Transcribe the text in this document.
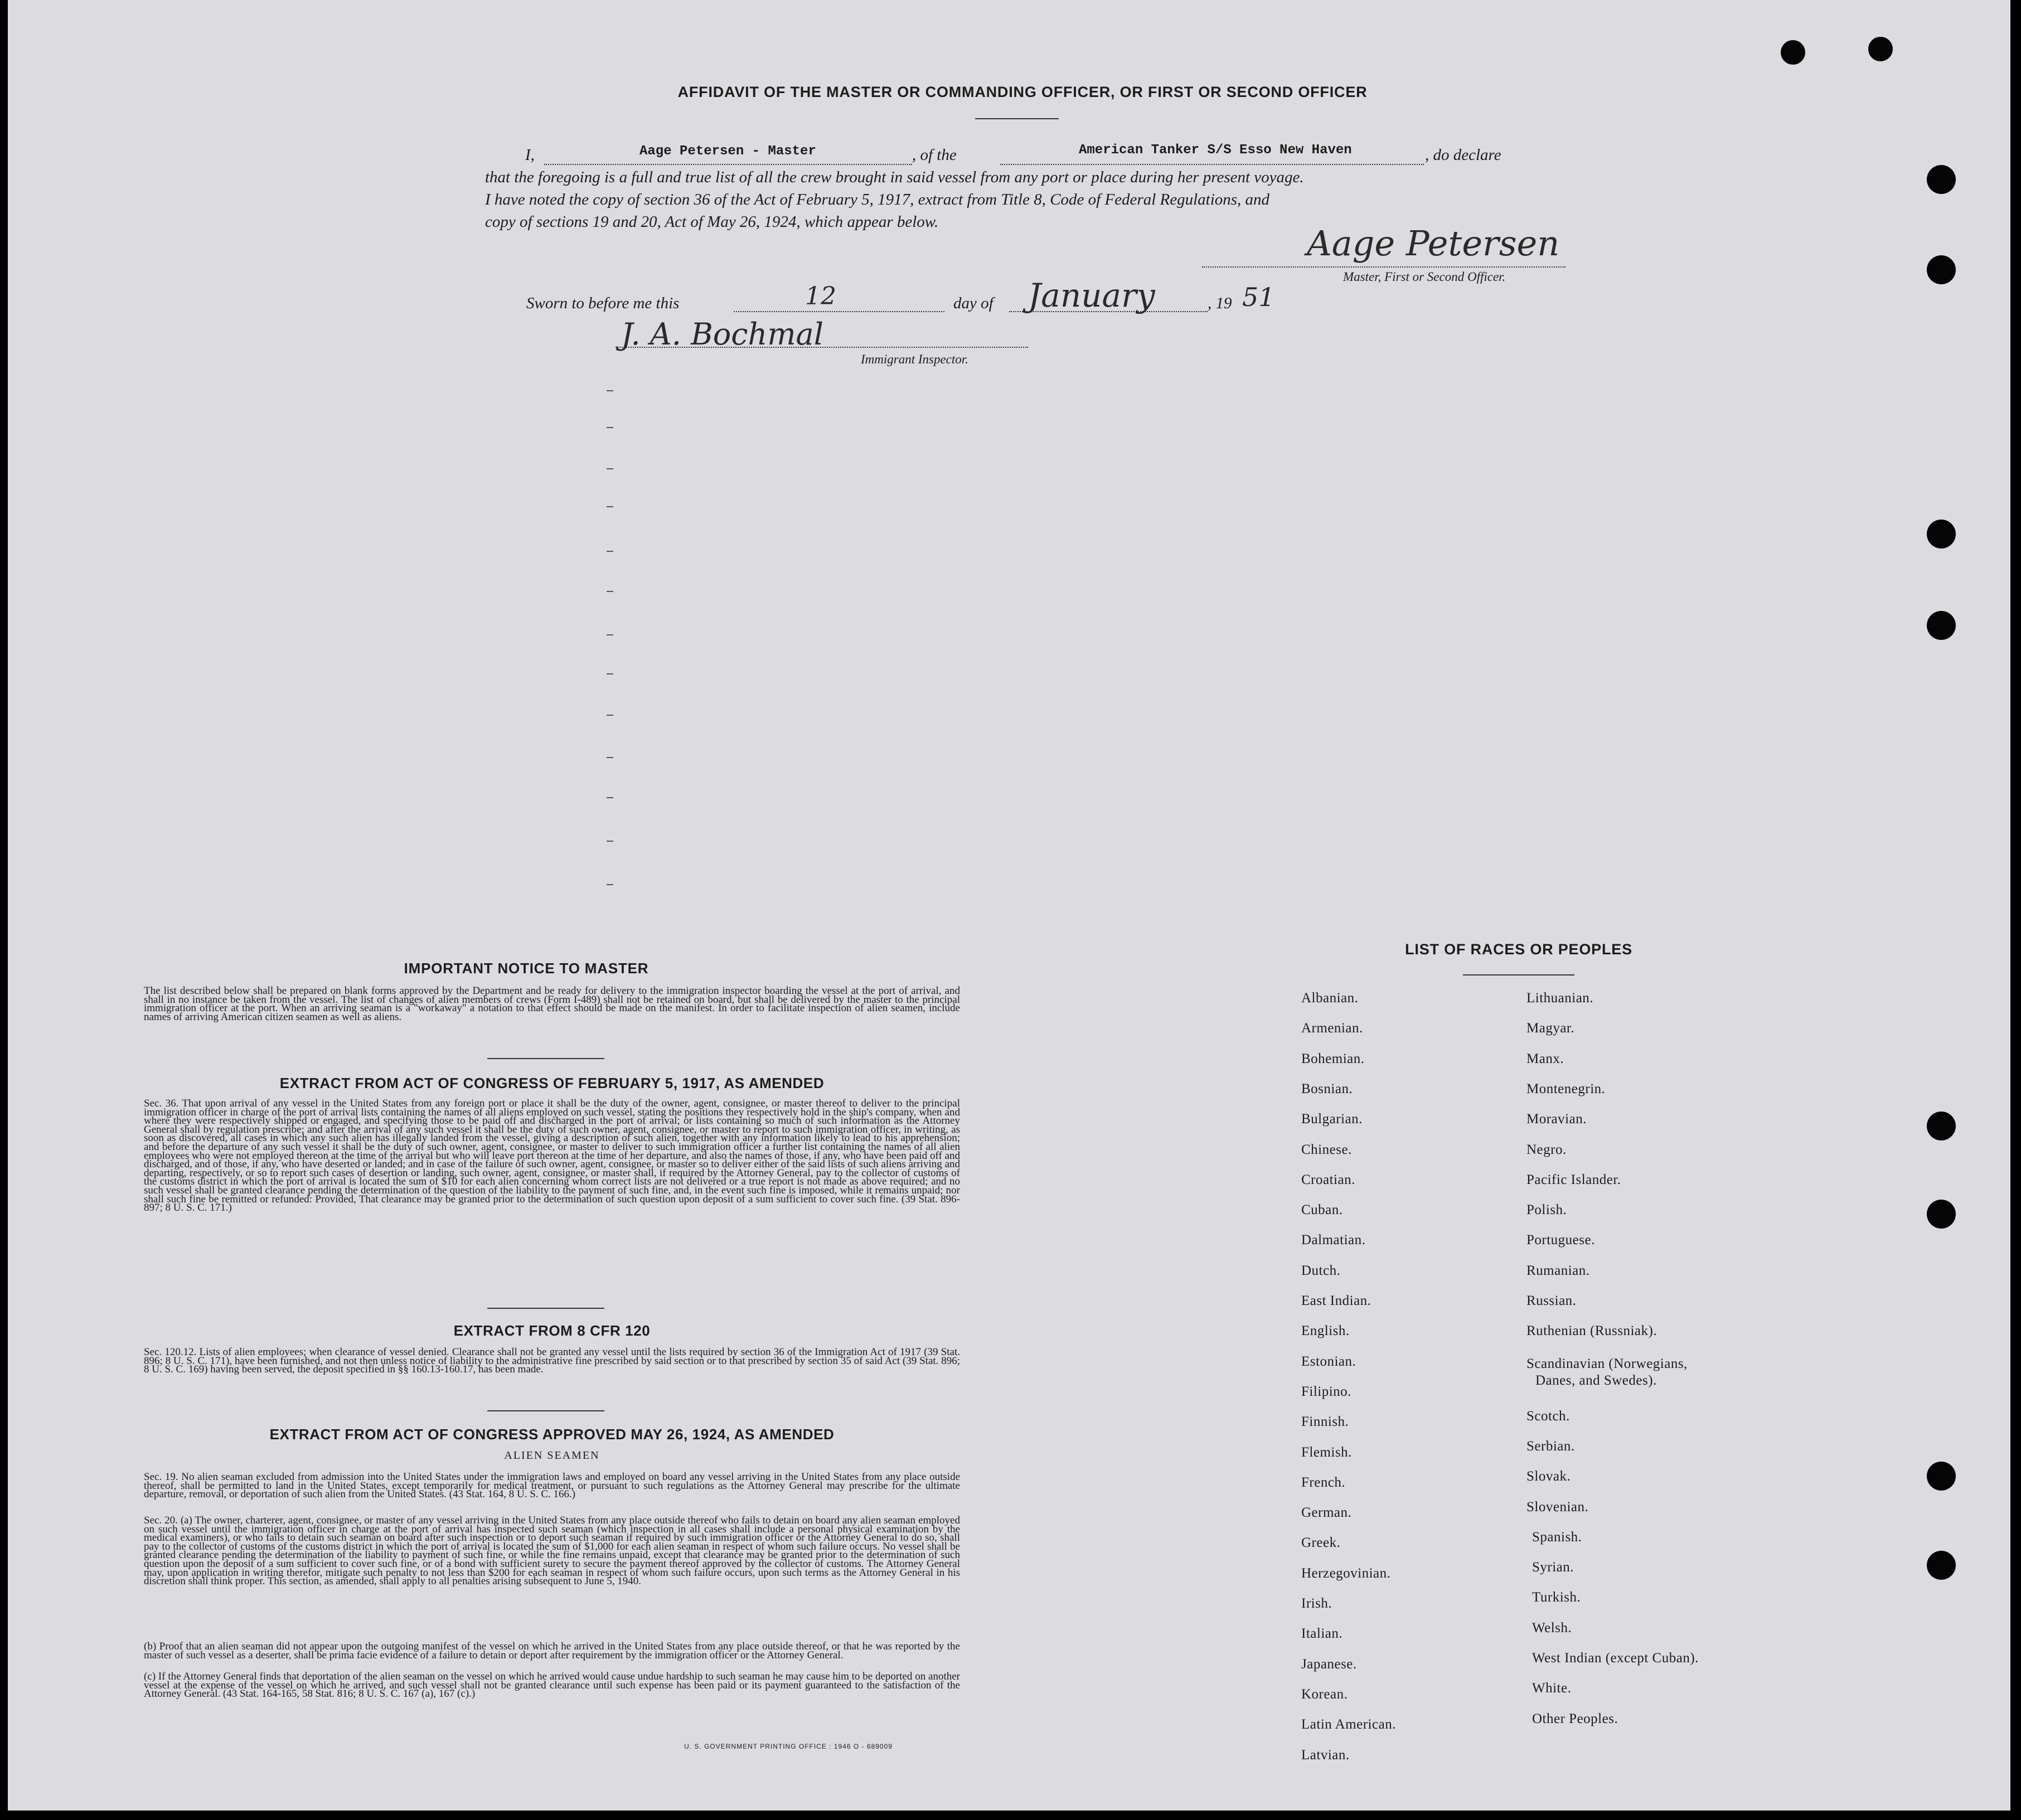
AFFIDAVIT OF THE MASTER OR COMMANDING OFFICER, OR FIRST OR SECOND OFFICER
I,	Aage Petersen - Master	, of the	American Tanker S/S Esso New Haven	, do declare
that the foregoing is a full and true list of all the crew brought in said vessel from any port or place during her present voyage.
I have noted the copy of section 36 of the Act of February 5, 1917, extract from Title 8, Code of Federal Regulations, and
copy of sections 19 and 20, Act of May 26, 1924, which appear below.
Aage Petersen
Master, First or Second Officer.
Sworn to before me this	12	day of January	, 19 51
J. A. Bochmal
Immigrant Inspector.
IMPORTANT NOTICE TO MASTER
The list described below shall be prepared on blank forms approved by the Department and be ready for delivery to the immigration inspector boarding the vessel at the port of arrival, and shall in no instance be taken from the vessel. The list of changes of alien members of crews (Form I-489) shall not be retained on board, but shall be delivered by the master to the principal immigration officer at the port. When an arriving seaman is a "workaway" a notation to that effect should be made on the manifest. In order to facilitate inspection of alien seamen, include names of arriving American citizen seamen as well as aliens.
EXTRACT FROM ACT OF CONGRESS OF FEBRUARY 5, 1917, AS AMENDED
Sec. 36. That upon arrival of any vessel in the United States from any foreign port or place it shall be the duty of the owner, agent, consignee, or master thereof to deliver to the principal immigration officer in charge of the port of arrival lists containing the names of all aliens employed on such vessel, stating the positions they respectively hold in the ship's company, when and where they were respectively shipped or engaged, and specifying those to be paid off and discharged in the port of arrival; or lists containing so much of such information as the Attorney General shall by regulation prescribe; and after the arrival of any such vessel it shall be the duty of such owner, agent, consignee, or master to report to such immigration officer, in writing, as soon as discovered, all cases in which any such alien has illegally landed from the vessel, giving a description of such alien, together with any information likely to lead to his apprehension; and before the departure of any such vessel it shall be the duty of such owner, agent, consignee, or master to deliver to such immigration officer a further list containing the names of all alien employees who were not employed thereon at the time of the arrival but who will leave port thereon at the time of her departure, and also the names of those, if any, who have been paid off and discharged, and of those, if any, who have deserted or landed; and in case of the failure of such owner, agent, consignee, or master so to deliver either of the said lists of such aliens arriving and departing, respectively, or so to report such cases of desertion or landing, such owner, agent, consignee, or master shall, if required by the Attorney General, pay to the collector of customs of the customs district in which the port of arrival is located the sum of $10 for each alien concerning whom correct lists are not delivered or a true report is not made as above required; and no such vessel shall be granted clearance pending the determination of the question of the liability to the payment of such fine, and, in the event such fine is imposed, while it remains unpaid; nor shall such fine be remitted or refunded: Provided, That clearance may be granted prior to the determination of such question upon deposit of a sum sufficient to cover such fine. (39 Stat. 896-897; 8 U. S. C. 171.)
EXTRACT FROM 8 CFR 120
Sec. 120.12. Lists of alien employees; when clearance of vessel denied. Clearance shall not be granted any vessel until the lists required by section 36 of the Immigration Act of 1917 (39 Stat. 896; 8 U. S. C. 171), have been furnished, and not then unless notice of liability to the administrative fine prescribed by said section or to that prescribed by section 35 of said Act (39 Stat. 896; 8 U. S. C. 169) having been served, the deposit specified in §§ 160.13-160.17, has been made.
EXTRACT FROM ACT OF CONGRESS APPROVED MAY 26, 1924, AS AMENDED
ALIEN SEAMEN
Sec. 19. No alien seaman excluded from admission into the United States under the immigration laws and employed on board any vessel arriving in the United States from any place outside thereof, shall be permitted to land in the United States, except temporarily for medical treatment, or pursuant to such regulations as the Attorney General may prescribe for the ultimate departure, removal, or deportation of such alien from the United States. (43 Stat. 164, 8 U. S. C. 166.)
Sec. 20. (a) The owner, charterer, agent, consignee, or master of any vessel arriving in the United States from any place outside thereof who fails to detain on board any alien seaman employed on such vessel until the immigration officer in charge at the port of arrival has inspected such seaman (which inspection in all cases shall include a personal physical examination by the medical examiners), or who fails to detain such seaman on board after such inspection or to deport such seaman if required by such immigration officer or the Attorney General to do so, shall pay to the collector of customs of the customs district in which the port of arrival is located the sum of $1,000 for each alien seaman in respect of whom such failure occurs. No vessel shall be granted clearance pending the determination of the liability to payment of such fine, or while the fine remains unpaid, except that clearance may be granted prior to the determination of such question upon the deposit of a sum sufficient to cover such fine, or of a bond with sufficient surety to secure the payment thereof approved by the collector of customs. The Attorney General may, upon application in writing therefor, mitigate such penalty to not less than $200 for each seaman in respect of whom such failure occurs, upon such terms as the Attorney General in his discretion shall think proper. This section, as amended, shall apply to all penalties arising subsequent to June 5, 1940.
(b) Proof that an alien seaman did not appear upon the outgoing manifest of the vessel on which he arrived in the United States from any place outside thereof, or that he was reported by the master of such vessel as a deserter, shall be prima facie evidence of a failure to detain or deport after requirement by the immigration officer or the Attorney General.
(c) If the Attorney General finds that deportation of the alien seaman on the vessel on which he arrived would cause undue hardship to such seaman he may cause him to be deported on another vessel at the expense of the vessel on which he arrived, and such vessel shall not be granted clearance until such expense has been paid or its payment guaranteed to the satisfaction of the Attorney General. (43 Stat. 164-165, 58 Stat. 816; 8 U. S. C. 167 (a), 167 (c).)
U. S. GOVERNMENT PRINTING OFFICE : 1946 O - 689009
LIST OF RACES OR PEOPLES
Albanian.
Armenian.
Bohemian.
Bosnian.
Bulgarian.
Chinese.
Croatian.
Cuban.
Dalmatian.
Dutch.
East Indian.
English.
Estonian.
Filipino.
Finnish.
Flemish.
French.
German.
Greek.
Herzegovinian.
Irish.
Italian.
Japanese.
Korean.
Latin American.
Latvian.
Lithuanian.
Magyar.
Manx.
Montenegrin.
Moravian.
Negro.
Pacific Islander.
Polish.
Portuguese.
Rumanian.
Russian.
Ruthenian (Russniak).
Scandinavian (Norwegians,
Danes, and Swedes).
Scotch.
Serbian.
Slovak.
Slovenian.
Spanish.
Syrian.
Turkish.
Welsh.
West Indian (except Cuban).
White.
Other Peoples.
